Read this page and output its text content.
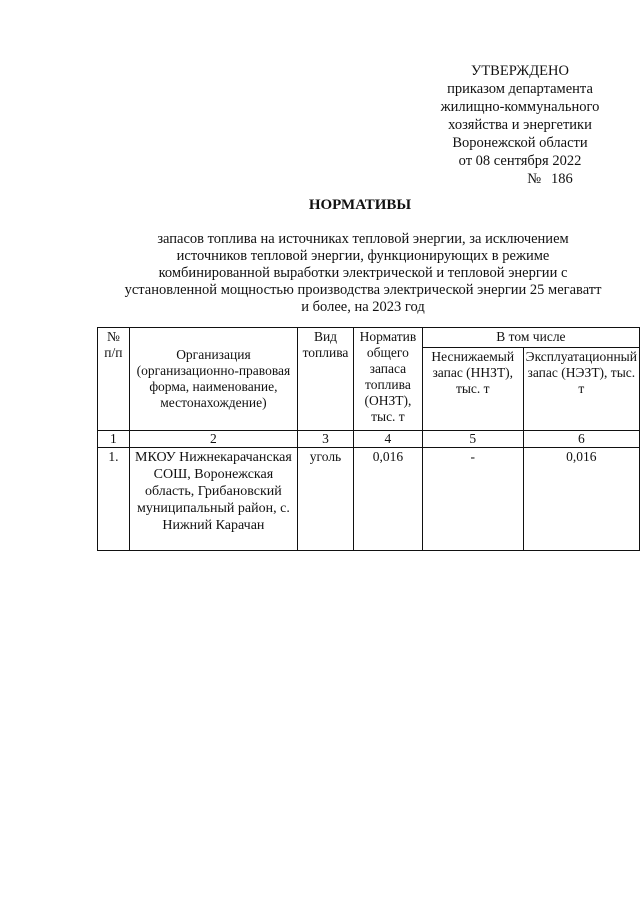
УТВЕРЖДЕНО
приказом департамента
жилищно-коммунального
хозяйства и энергетики
Воронежской области
от 08 сентября 2022
№ 186
НОРМАТИВЫ
запасов топлива на источниках тепловой энергии, за исключением
источников тепловой энергии, функционирующих в режиме
комбинированной выработки электрической и тепловой энергии с
установленной мощностью производства электрической энергии 25 мегаватт
и более, на 2023 год
№ п/п	Организация (организационно-правовая форма, наименование, местонахождение)	Вид топлива	Норматив общего запаса топлива (ОНЗТ), тыс. т	В том числе	
				Неснижаемый запас (ННЗТ), тыс. т	Эксплуатационный запас (НЭЗТ), тыс. т
1	2	3	4	5	6
1.	МКОУ Нижнекарачанская СОШ, Воронежская область, Грибановский муниципальный район, с. Нижний Карачан	уголь	0,016	-	0,016
